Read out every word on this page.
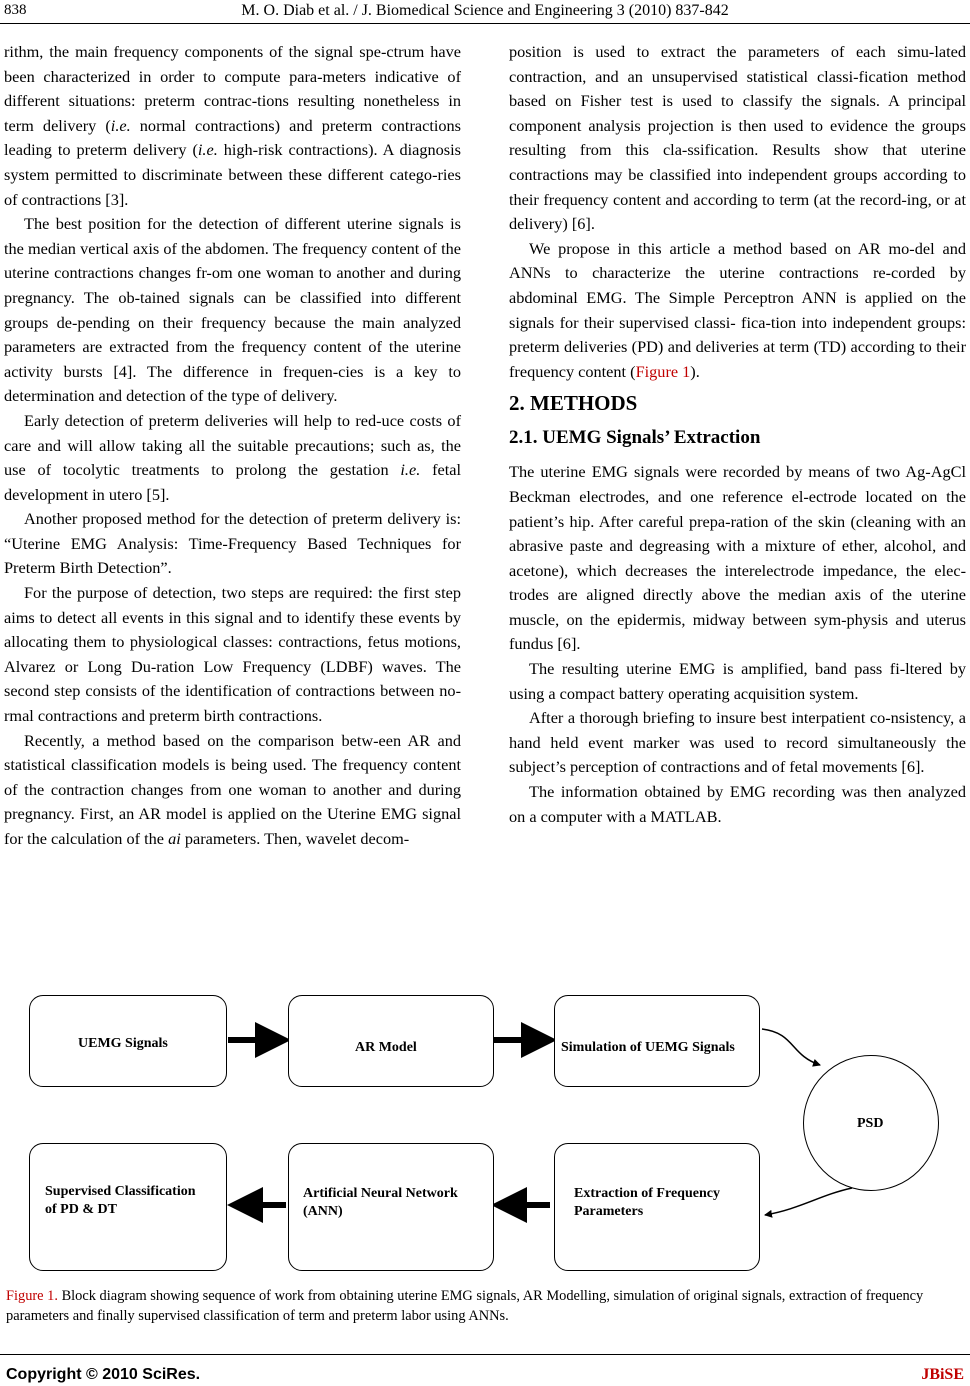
838	M. O. Diab et al. / J. Biomedical Science and Engineering 3 (2010) 837-842

rithm, the main frequency components of the signal spe-ctrum have been characterized in order to compute para-meters indicative of different situations: preterm contrac-tions resulting nonetheless in term delivery (i.e. normal contractions) and preterm contractions leading to preterm delivery (i.e. high-risk contractions). A diagnosis system permitted to discriminate between these different catego-ries of contractions [3].

The best position for the detection of different uterine signals is the median vertical axis of the abdomen. The frequency content of the uterine contractions changes fr-om one woman to another and during pregnancy. The ob-tained signals can be classified into different groups de-pending on their frequency because the main analyzed parameters are extracted from the frequency content of the uterine activity bursts [4]. The difference in frequen-cies is a key to determination and detection of the type of delivery.

Early detection of preterm deliveries will help to red-uce costs of care and will allow taking all the suitable precautions; such as, the use of tocolytic treatments to prolong the gestation i.e. fetal development in utero [5].

Another proposed method for the detection of preterm delivery is: “Uterine EMG Analysis: Time-Frequency Based Techniques for Preterm Birth Detection”.

For the purpose of detection, two steps are required: the first step aims to detect all events in this signal and to identify these events by allocating them to physiological classes: contractions, fetus motions, Alvarez or Long Du-ration Low Frequency (LDBF) waves. The second step consists of the identification of contractions between no-rmal contractions and preterm birth contractions.

Recently, a method based on the comparison betw-een AR and statistical classification models is being used. The frequency content of the contraction changes from one woman to another and during pregnancy. First, an AR model is applied on the Uterine EMG signal for the calculation of the ai parameters. Then, wavelet decom-

position is used to extract the parameters of each simu-lated contraction, and an unsupervised statistical classi-fication method based on Fisher test is used to classify the signals. A principal component analysis projection is then used to evidence the groups resulting from this cla-ssification. Results show that uterine contractions may be classified into independent groups according to their frequency content and according to term (at the record-ing, or at delivery) [6].

We propose in this article a method based on AR mo-del and ANNs to characterize the uterine contractions re-corded by abdominal EMG. The Simple Perceptron ANN is applied on the signals for their supervised classi- fica-tion into independent groups: preterm deliveries (PD) and deliveries at term (TD) according to their frequency content (Figure 1).

2. METHODS
2.1. UEMG Signals’ Extraction

The uterine EMG signals were recorded by means of two Ag-AgCl Beckman electrodes, and one reference el-ectrode located on the patient’s hip. After careful prepa-ration of the skin (cleaning with an abrasive paste and degreasing with a mixture of ether, alcohol, and acetone), which decreases the interelectrode impedance, the elec-trodes are aligned directly above the median axis of the uterine muscle, on the epidermis, midway between sym-physis and uterus fundus [6].

The resulting uterine EMG is amplified, band pass fi-ltered by using a compact battery operating acquisition system.

After a thorough briefing to insure best interpatient co-nsistency, a hand held event marker was used to record simultaneously the subject’s perception of contractions and of fetal movements [6].

The information obtained by EMG recording was then analyzed on a computer with a MATLAB.

UEMG Signals	AR Model	Simulation of UEMG Signals
PSD
Extraction of Frequency
Parameters
Artificial Neural Network
(ANN)
Supervised Classification
of PD & DT
Figure 1. Block diagram showing sequence of work from obtaining uterine EMG signals, AR Modelling, simulation of original signals, extraction of frequency parameters and finally supervised classification of term and preterm labor using ANNs.
Copyright © 2010 SciRes.	JBiSE
